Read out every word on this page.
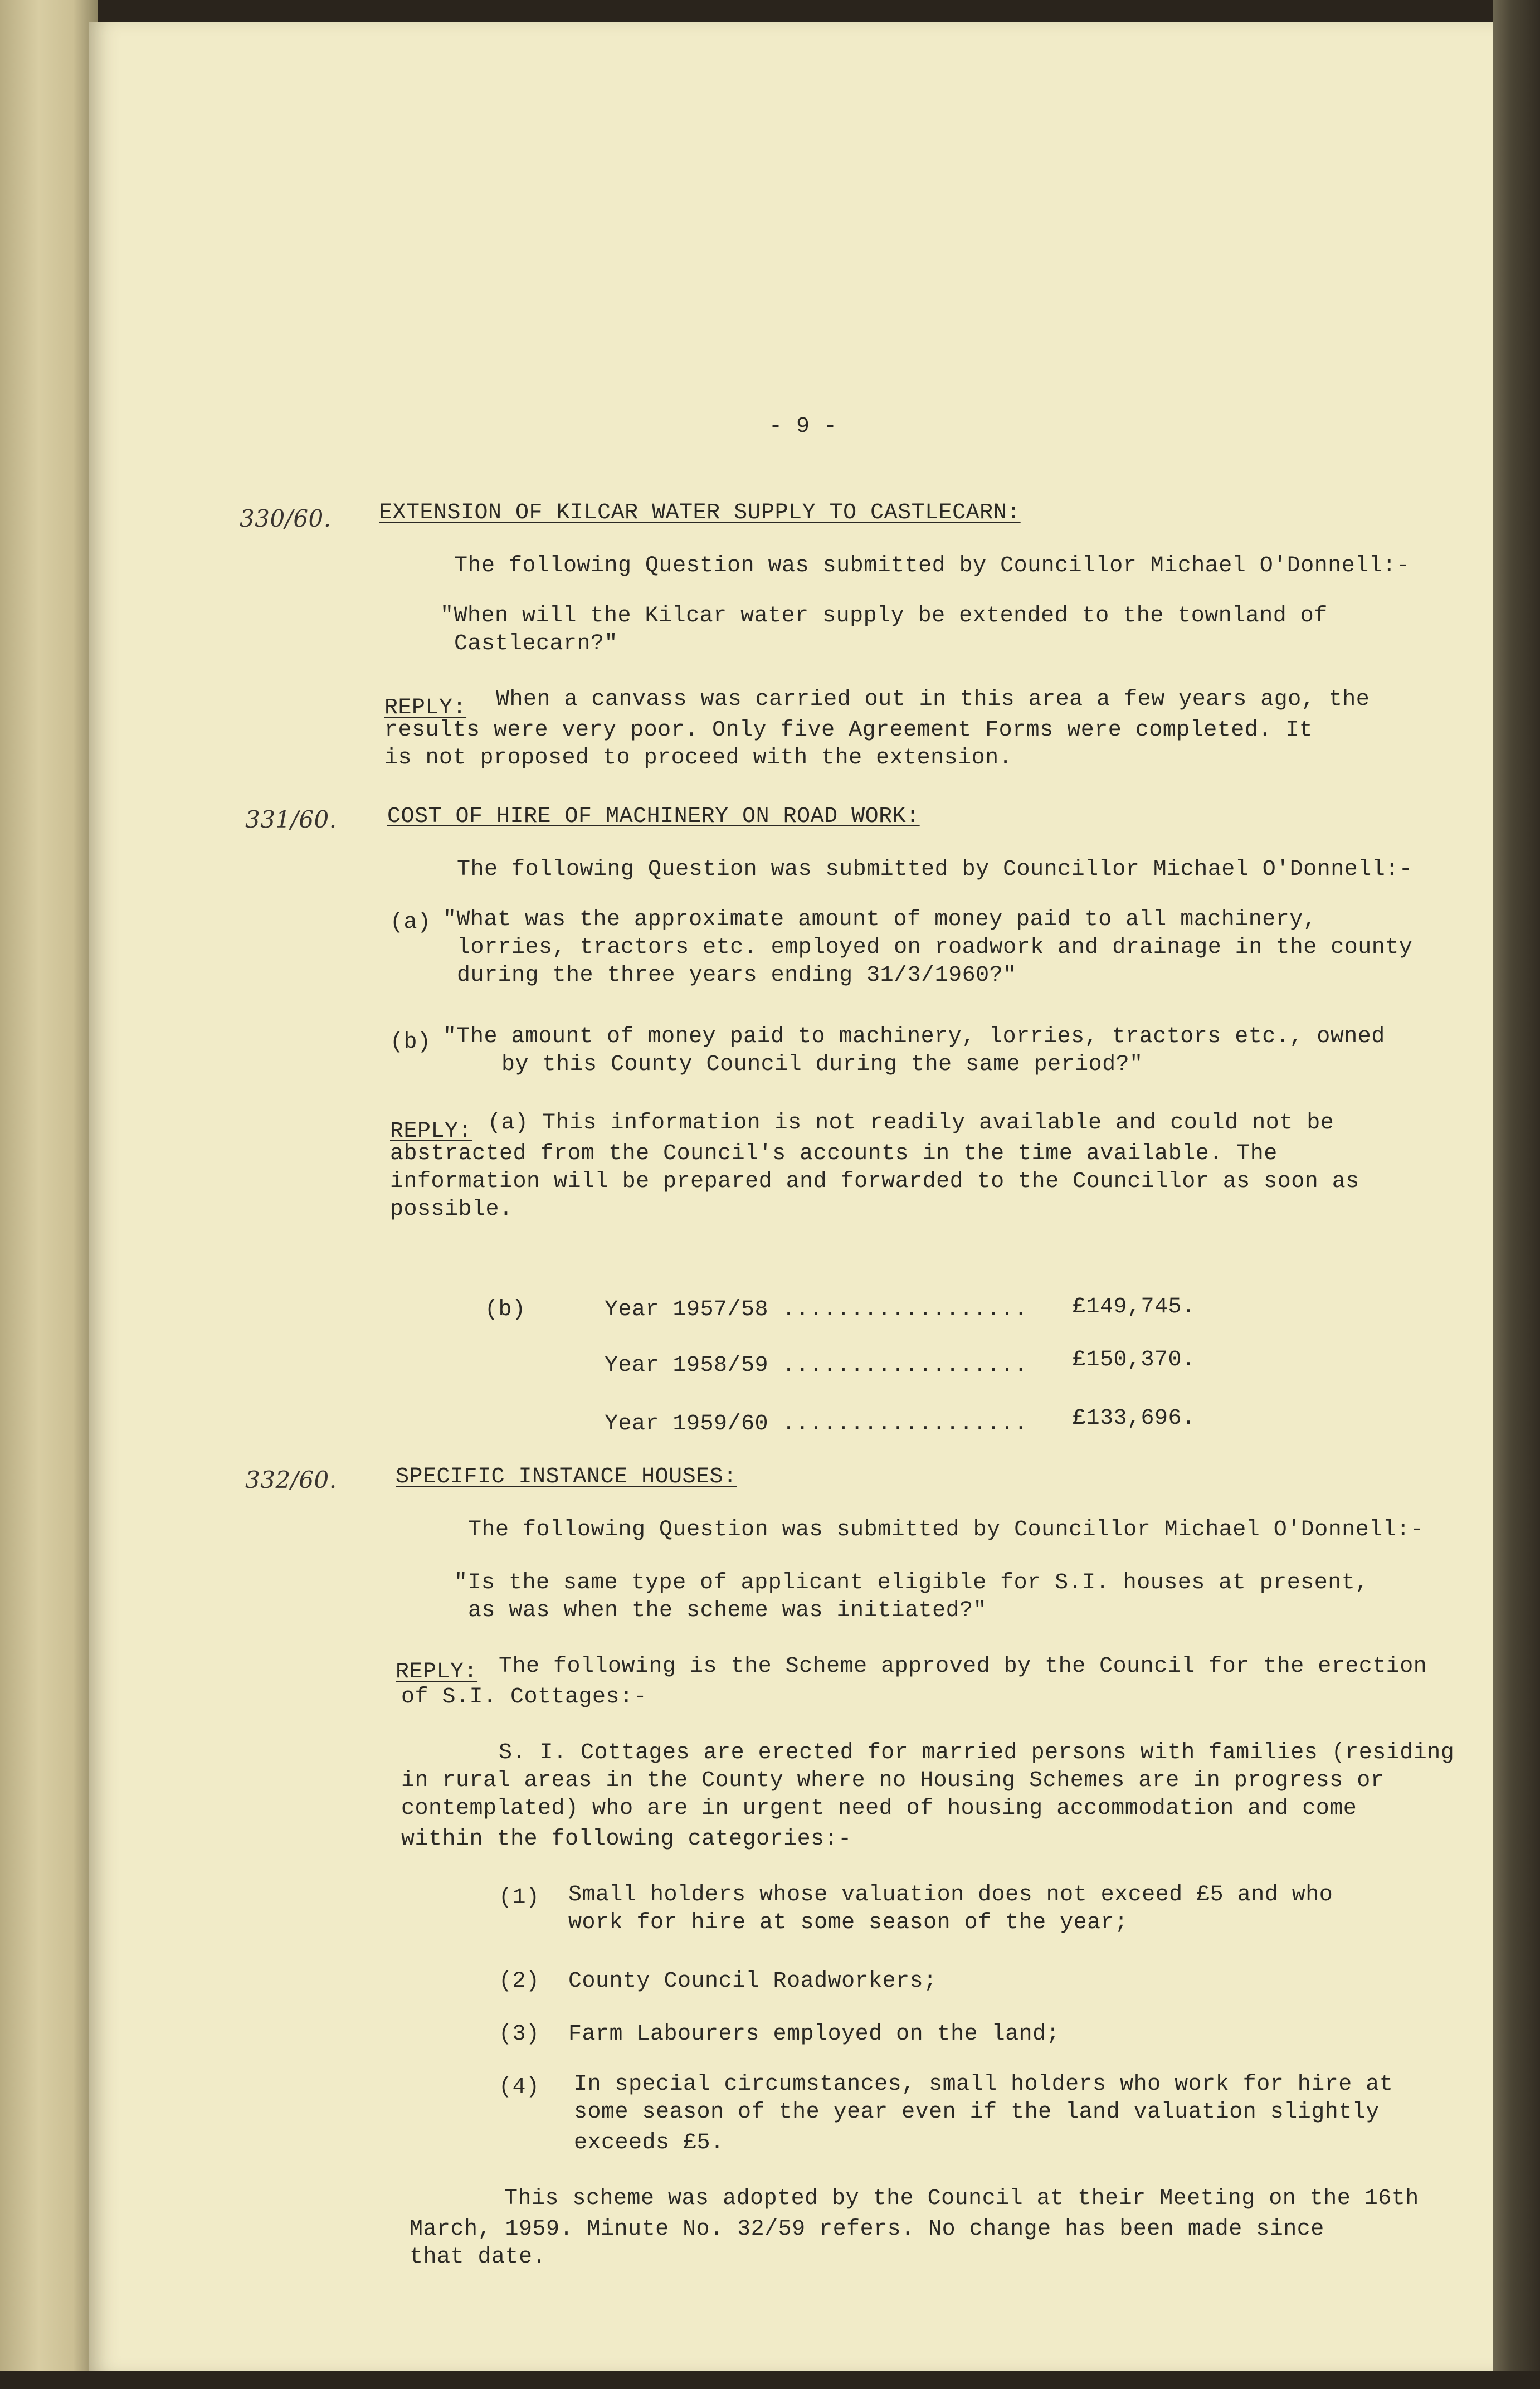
- 9 -
330/60. EXTENSION OF KILCAR WATER SUPPLY TO CASTLECARN:
The following Question was submitted by Councillor Michael O'Donnell:-
"When will the Kilcar water supply be extended to the townland of
Castlecarn?"
REPLY: When a canvass was carried out in this area a few years ago, the
results were very poor. Only five Agreement Forms were completed. It
is not proposed to proceed with the extension.
331/60. COST OF HIRE OF MACHINERY ON ROAD WORK:
The following Question was submitted by Councillor Michael O'Donnell:-
(a) "What was the approximate amount of money paid to all machinery,
lorries, tractors etc. employed on roadwork and drainage in the county
during the three years ending 31/3/1960?"
(b) "The amount of money paid to machinery, lorries, tractors etc., owned
by this County Council during the same period?"
REPLY: (a) This information is not readily available and could not be
abstracted from the Council's accounts in the time available. The
information will be prepared and forwarded to the Councillor as soon as
possible.
(b)	Year 1957/58 .................. £149,745.
Year 1958/59 .................. £150,370.
Year 1959/60 .................. £133,696.
332/60.	SPECIFIC INSTANCE HOUSES:
The following Question was submitted by Councillor Michael O'Donnell:-
"Is the same type of applicant eligible for S.I. houses at present,
as was when the scheme was initiated?"
REPLY: The following is the Scheme approved by the Council for the erection
of S.I. Cottages:-
S. I. Cottages are erected for married persons with families (residing
in rural areas in the County where no Housing Schemes are in progress or
contemplated) who are in urgent need of housing accommodation and come
within the following categories:-
(1) Small holders whose valuation does not exceed £5 and who
work for hire at some season of the year;
(2) County Council Roadworkers;
(3) Farm Labourers employed on the land;
(4) In special circumstances, small holders who work for hire at
some season of the year even if the land valuation slightly
exceeds £5.
This scheme was adopted by the Council at their Meeting on the 16th
March, 1959. Minute No. 32/59 refers. No change has been made since
that date.
